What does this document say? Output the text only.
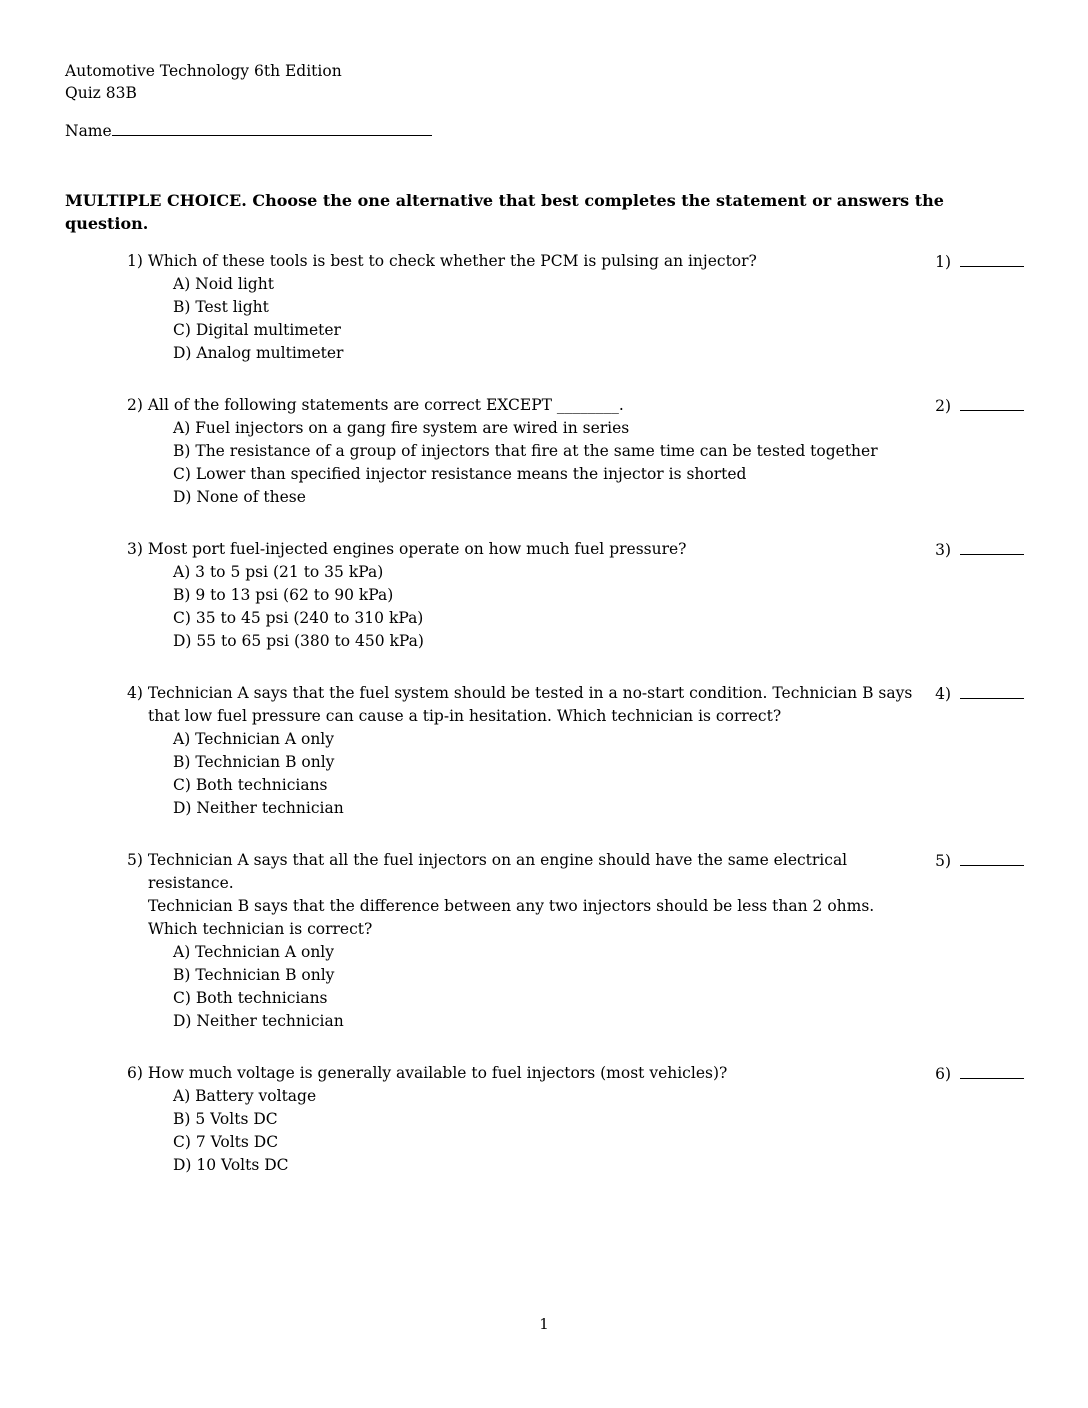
Automotive Technology 6th Edition
Quiz 83B
Name
MULTIPLE CHOICE. Choose the one alternative that best completes the statement or answers the question.
1) Which of these tools is best to check whether the PCM is pulsing an injector?
A) Noid light
B) Test light
C) Digital multimeter
D) Analog multimeter
1)
2) All of the following statements are correct EXCEPT ________.
A) Fuel injectors on a gang fire system are wired in series
B) The resistance of a group of injectors that fire at the same time can be tested together
C) Lower than specified injector resistance means the injector is shorted
D) None of these
2)
3) Most port fuel-injected engines operate on how much fuel pressure?
A) 3 to 5 psi (21 to 35 kPa)
B) 9 to 13 psi (62 to 90 kPa)
C) 35 to 45 psi (240 to 310 kPa)
D) 55 to 65 psi (380 to 450 kPa)
3)
4) Technician A says that the fuel system should be tested in a no-start condition. Technician B says that low fuel pressure can cause a tip-in hesitation. Which technician is correct?
A) Technician A only
B) Technician B only
C) Both technicians
D) Neither technician
4)
5) Technician A says that all the fuel injectors on an engine should have the same electrical resistance.
Technician B says that the difference between any two injectors should be less than 2 ohms.
Which technician is correct?
A) Technician A only
B) Technician B only
C) Both technicians
D) Neither technician
5)
6) How much voltage is generally available to fuel injectors (most vehicles)?
A) Battery voltage
B) 5 Volts DC
C) 7 Volts DC
D) 10 Volts DC
6)
1
